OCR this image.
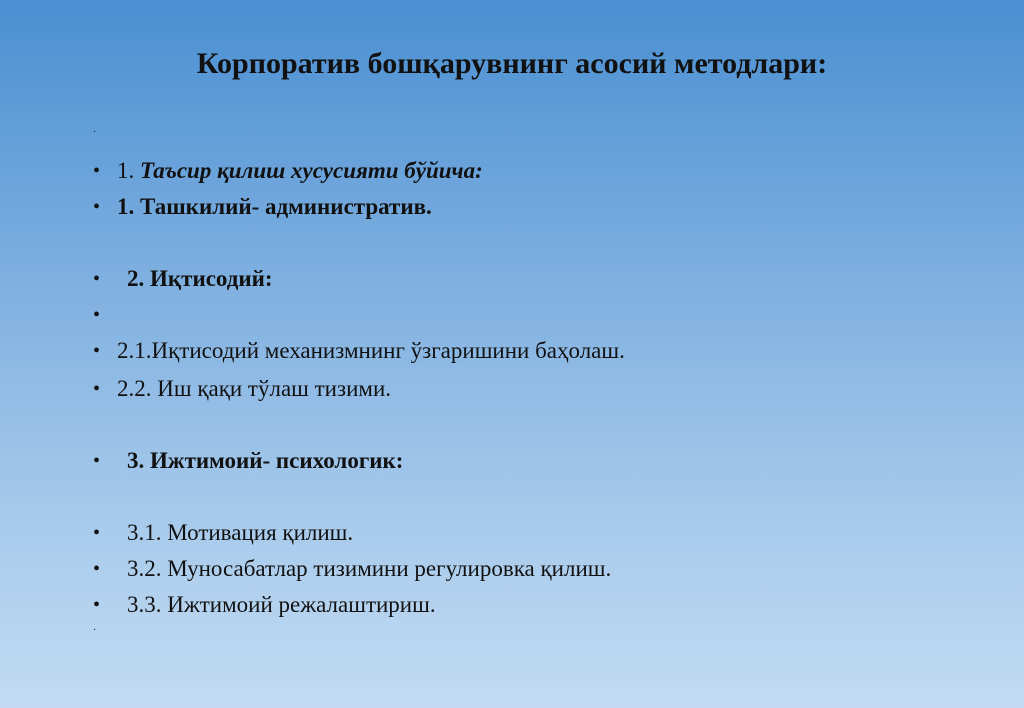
Корпоратив бошқарувнинг асосий методлари:
·
• 1. Таъсир қилиш хусусияти бўйича:
• 1. Ташкилий- административ.
• 2. Иқтисодий:
•
• 2.1.Иқтисодий механизмнинг ўзгаришини баҳолаш.
• 2.2. Иш қақи тўлаш тизими.
• 3. Ижтимоий- психологик:
• 3.1. Мотивация қилиш.
• 3.2. Муносабатлар тизимини регулировка қилиш.
• 3.3. Ижтимоий режалаштириш.
·
